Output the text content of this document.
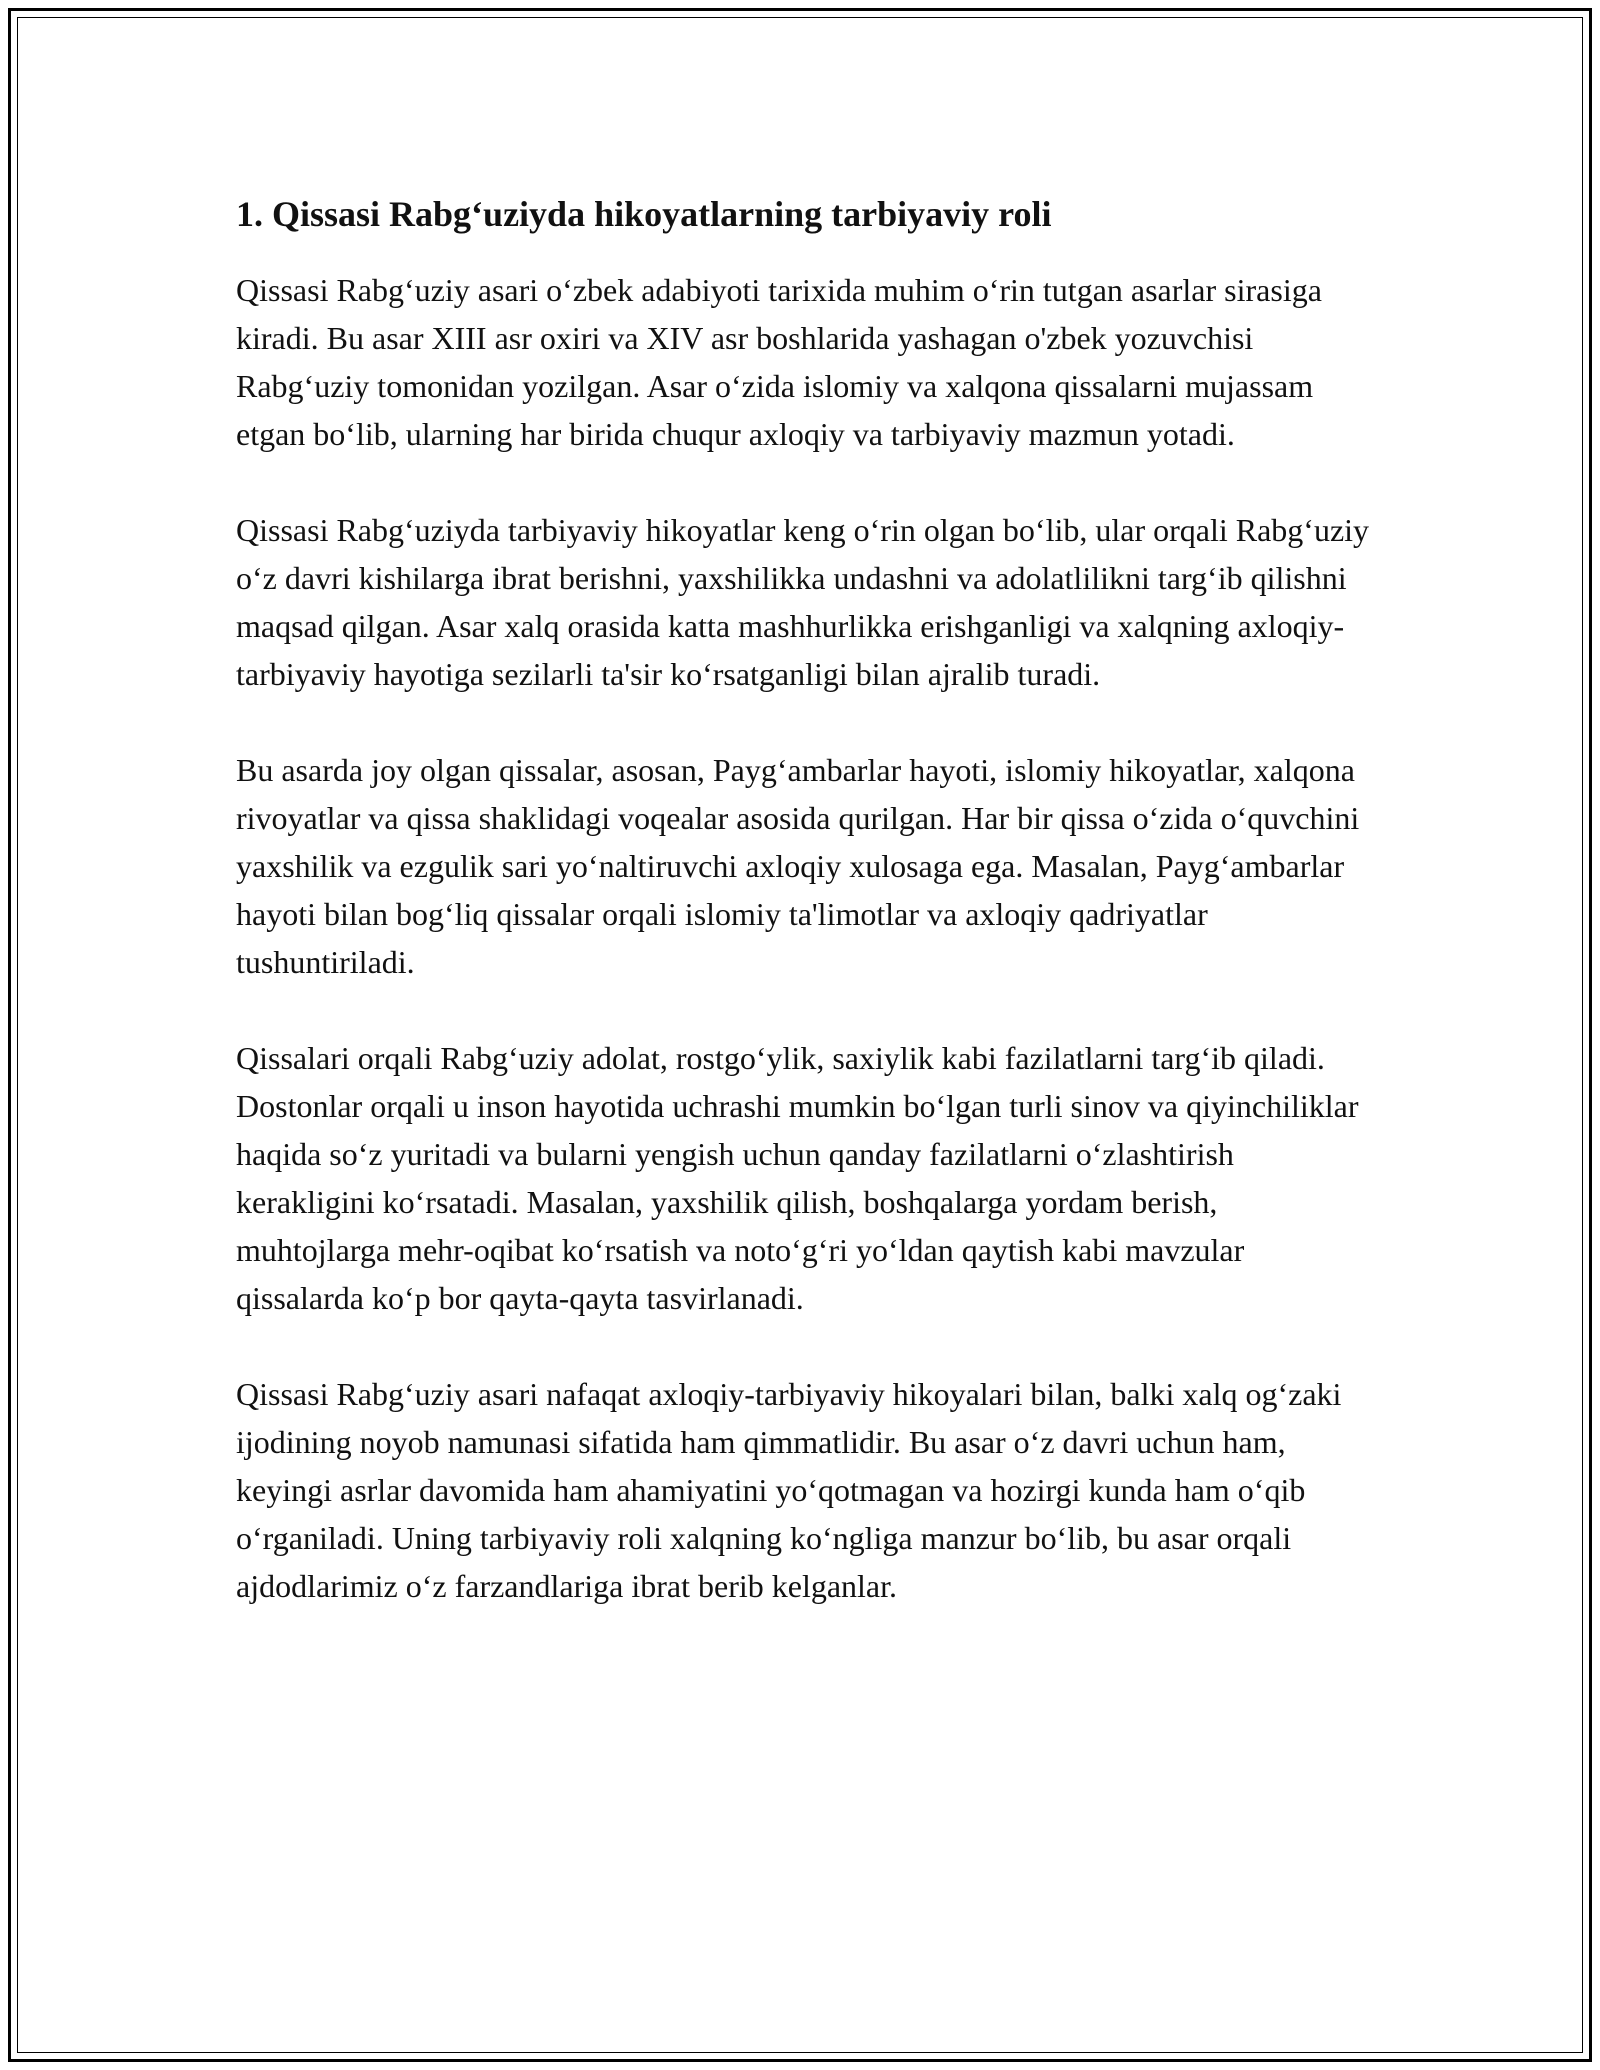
1. Qissasi Rabg‘uziyda hikoyatlarning tarbiyaviy roli

Qissasi Rabg‘uziy asari o‘zbek adabiyoti tarixida muhim o‘rin tutgan asarlar sirasiga kiradi. Bu asar XIII asr oxiri va XIV asr boshlarida yashagan o'zbek yozuvchisi Rabg‘uziy tomonidan yozilgan. Asar o‘zida islomiy va xalqona qissalarni mujassam etgan bo‘lib, ularning har birida chuqur axloqiy va tarbiyaviy mazmun yotadi.

Qissasi Rabg‘uziyda tarbiyaviy hikoyatlar keng o‘rin olgan bo‘lib, ular orqali Rabg‘uziy o‘z davri kishilarga ibrat berishni, yaxshilikka undashni va adolatlilikni targ‘ib qilishni maqsad qilgan. Asar xalq orasida katta mashhurlikka erishganligi va xalqning axloqiy-tarbiyaviy hayotiga sezilarli ta'sir ko‘rsatganligi bilan ajralib turadi.

Bu asarda joy olgan qissalar, asosan, Payg‘ambarlar hayoti, islomiy hikoyatlar, xalqona rivoyatlar va qissa shaklidagi voqealar asosida qurilgan. Har bir qissa o‘zida o‘quvchini yaxshilik va ezgulik sari yo‘naltiruvchi axloqiy xulosaga ega. Masalan, Payg‘ambarlar hayoti bilan bog‘liq qissalar orqali islomiy ta'limotlar va axloqiy qadriyatlar tushuntiriladi.

Qissalari orqali Rabg‘uziy adolat, rostgo‘ylik, saxiylik kabi fazilatlarni targ‘ib qiladi. Dostonlar orqali u inson hayotida uchrashi mumkin bo‘lgan turli sinov va qiyinchiliklar haqida so‘z yuritadi va bularni yengish uchun qanday fazilatlarni o‘zlashtirish kerakligini ko‘rsatadi. Masalan, yaxshilik qilish, boshqalarga yordam berish, muhtojlarga mehr-oqibat ko‘rsatish va noto‘g‘ri yo‘ldan qaytish kabi mavzular qissalarda ko‘p bor qayta-qayta tasvirlanadi.

Qissasi Rabg‘uziy asari nafaqat axloqiy-tarbiyaviy hikoyalari bilan, balki xalq og‘zaki ijodining noyob namunasi sifatida ham qimmatlidir. Bu asar o‘z davri uchun ham, keyingi asrlar davomida ham ahamiyatini yo‘qotmagan va hozirgi kunda ham o‘qib o‘rganiladi. Uning tarbiyaviy roli xalqning ko‘ngliga manzur bo‘lib, bu asar orqali ajdodlarimiz o‘z farzandlariga ibrat berib kelganlar.
